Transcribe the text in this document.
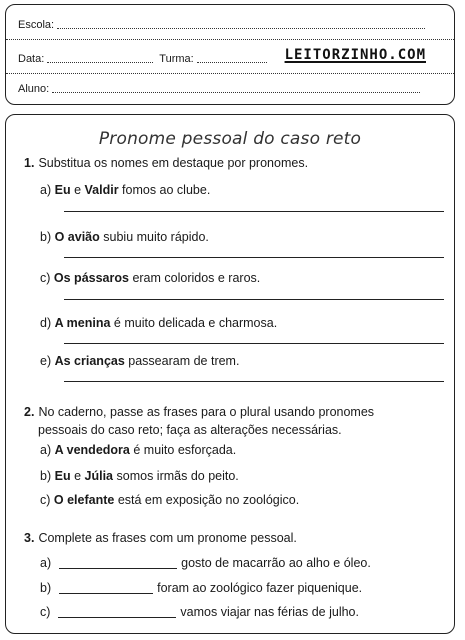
Escola:
Data:	Turma:	LEITORZINHO.COM
Aluno:
Pronome pessoal do caso reto
1. Substitua os nomes em destaque por pronomes.
a) Eu e Valdir fomos ao clube.
b) O avião subiu muito rápido.
c) Os pássaros eram coloridos e raros.
d) A menina é muito delicada e charmosa.
e) As crianças passearam de trem.
2. No caderno, passe as frases para o plural usando pronomes
pessoais do caso reto; faça as alterações necessárias.
a) A vendedora é muito esforçada.
b) Eu e Júlia somos irmãs do peito.
c) O elefante está em exposição no zoológico.
3. Complete as frases com um pronome pessoal.
a)	gosto de macarrão ao alho e óleo.
b)	foram ao zoológico fazer piquenique.
c)	vamos viajar nas férias de julho.
